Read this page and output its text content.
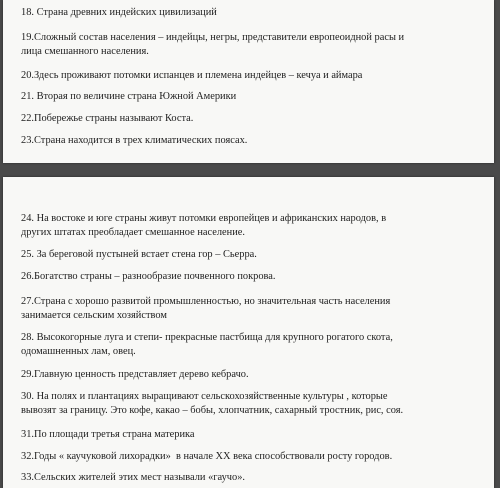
18. Страна древних индейских цивилизаций

19.Сложный состав населения – индейцы, негры, представители европеоидной расы и

лица смешанного населения.

20.Здесь проживают потомки испанцев и племена индейцев – кечуа и аймара

21. Вторая по величине страна Южной Америки

22.Побережье страны называют Коста.

23.Страна находится в трех климатических поясах.

24. На востоке и юге страны живут потомки европейцев и африканских народов, в

других штатах преобладает смешанное население.

25. За береговой пустыней встает стена гор – Сьерра.

26.Богатство страны – разнообразие почвенного покрова.

27.Страна с хорошо развитой промышленностью, но значительная часть населения

занимается сельским хозяйством

28. Высокогорные луга и степи- прекрасные пастбища для крупного рогатого скота,

одомашненных лам, овец.

29.Главную ценность представляет дерево кебрачо.

30. На полях и плантациях выращивают сельскохозяйственные культуры , которые

вывозят за границу. Это кофе, какао – бобы, хлопчатник, сахарный тростник, рис, соя.

31.По площади третья страна материка

32.Годы « каучуковой лихорадки»  в начале ХХ века способствовали росту городов.

33.Сельских жителей этих мест называли «гаучо».
